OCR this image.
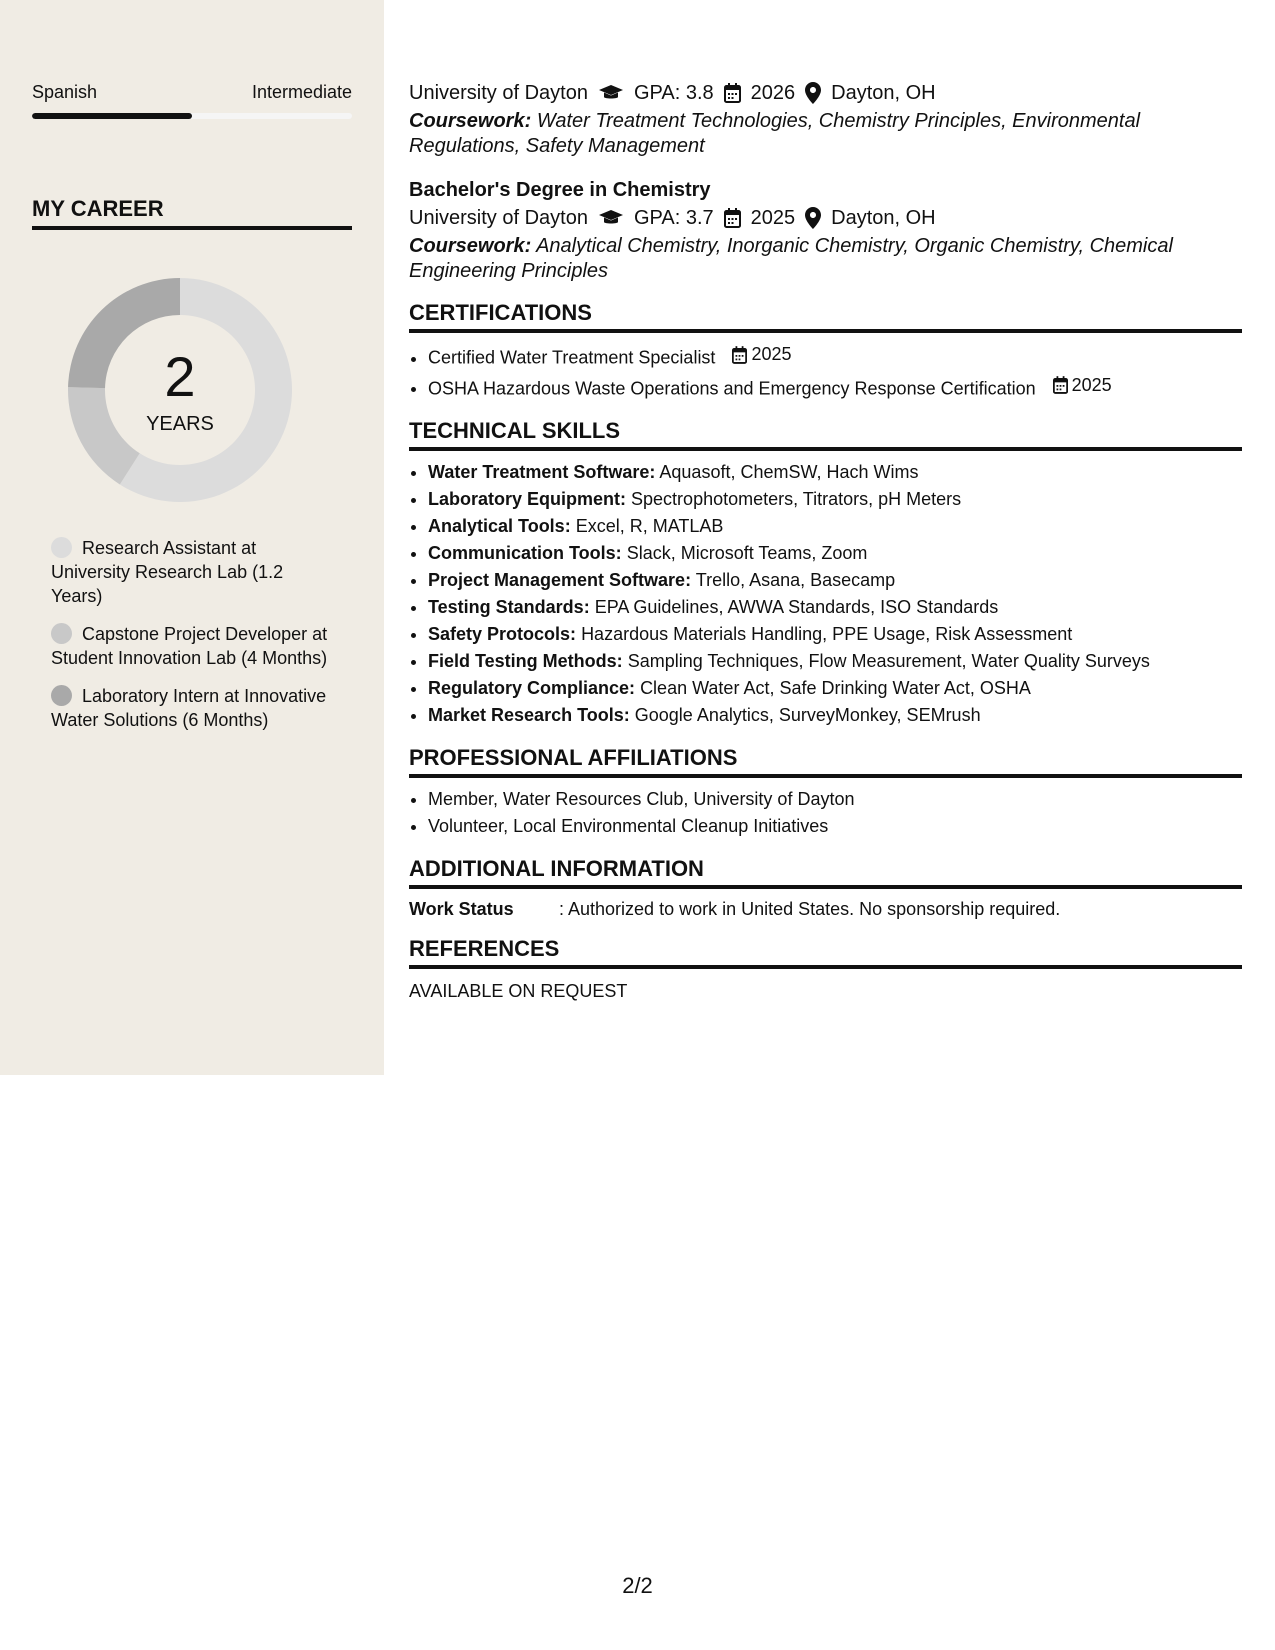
Spanish	Intermediate
MY CAREER
2
YEARS
Research Assistant at University Research Lab (1.2 Years)
Capstone Project Developer at Student Innovation Lab (4 Months)
Laboratory Intern at Innovative Water Solutions (6 Months)
University of Dayton GPA: 3.8 2026 Dayton, OH
Coursework: Water Treatment Technologies, Chemistry Principles, Environmental Regulations, Safety Management
Bachelor's Degree in Chemistry
University of Dayton GPA: 3.7 2025 Dayton, OH
Coursework: Analytical Chemistry, Inorganic Chemistry, Organic Chemistry, Chemical Engineering Principles
CERTIFICATIONS
• Certified Water Treatment Specialist 2025
• OSHA Hazardous Waste Operations and Emergency Response Certification 2025
TECHNICAL SKILLS
• Water Treatment Software: Aquasoft, ChemSW, Hach Wims
• Laboratory Equipment: Spectrophotometers, Titrators, pH Meters
• Analytical Tools: Excel, R, MATLAB
• Communication Tools: Slack, Microsoft Teams, Zoom
• Project Management Software: Trello, Asana, Basecamp
• Testing Standards: EPA Guidelines, AWWA Standards, ISO Standards
• Safety Protocols: Hazardous Materials Handling, PPE Usage, Risk Assessment
• Field Testing Methods: Sampling Techniques, Flow Measurement, Water Quality Surveys
• Regulatory Compliance: Clean Water Act, Safe Drinking Water Act, OSHA
• Market Research Tools: Google Analytics, SurveyMonkey, SEMrush
PROFESSIONAL AFFILIATIONS
• Member, Water Resources Club, University of Dayton
• Volunteer, Local Environmental Cleanup Initiatives
ADDITIONAL INFORMATION
Work Status	: Authorized to work in United States. No sponsorship required.
REFERENCES
AVAILABLE ON REQUEST
2/2
